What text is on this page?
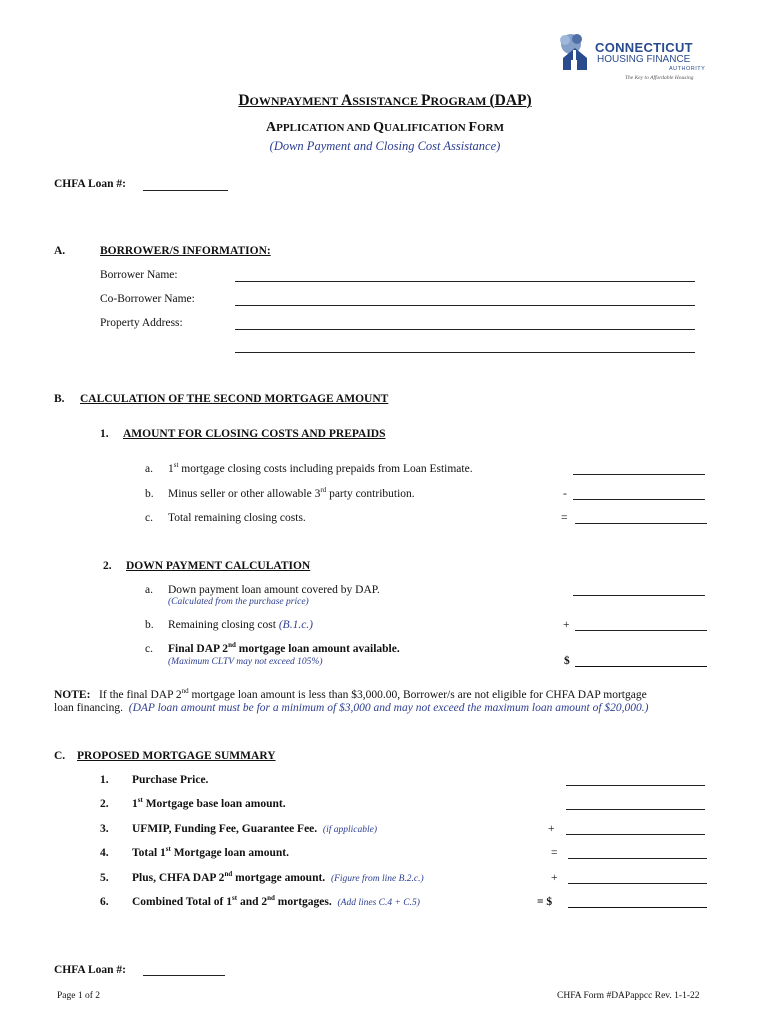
CONNECTICUT
HOUSING FINANCE
AUTHORITY
The Key to Affordable Housing
DOWNPAYMENT ASSISTANCE PROGRAM (DAP)
APPLICATION AND QUALIFICATION FORM
(Down Payment and Closing Cost Assistance)
CHFA Loan #:
A.	BORROWER/S INFORMATION:
Borrower Name:
Co-Borrower Name:
Property Address:
B. CALCULATION OF THE SECOND MORTGAGE AMOUNT
1. AMOUNT FOR CLOSING COSTS AND PREPAIDS
a. 1st mortgage closing costs including prepaids from Loan Estimate.
b. Minus seller or other allowable 3rd party contribution.	-
c. Total remaining closing costs.	=
2. DOWN PAYMENT CALCULATION
a. Down payment loan amount covered by DAP.
(Calculated from the purchase price)
b. Remaining closing cost (B.1.c.)	+
c. Final DAP 2nd mortgage loan amount available.
(Maximum CLTV may not exceed 105%)	$
NOTE: If the final DAP 2nd mortgage loan amount is less than $3,000.00, Borrower/s are not eligible for CHFA DAP mortgage
loan financing. (DAP loan amount must be for a minimum of $3,000 and may not exceed the maximum loan amount of $20,000.)
C. PROPOSED MORTGAGE SUMMARY
1. Purchase Price.
2. 1st Mortgage base loan amount.
3. UFMIP, Funding Fee, Guarantee Fee. (if applicable)	+
4. Total 1st Mortgage loan amount.	=
5. Plus, CHFA DAP 2nd mortgage amount. (Figure from line B.2.c.)	+
6. Combined Total of 1st and 2nd mortgages. (Add lines C.4 + C.5)	= $
CHFA Loan #:
Page 1 of 2	CHFA Form #DAPappcc Rev. 1-1-22
